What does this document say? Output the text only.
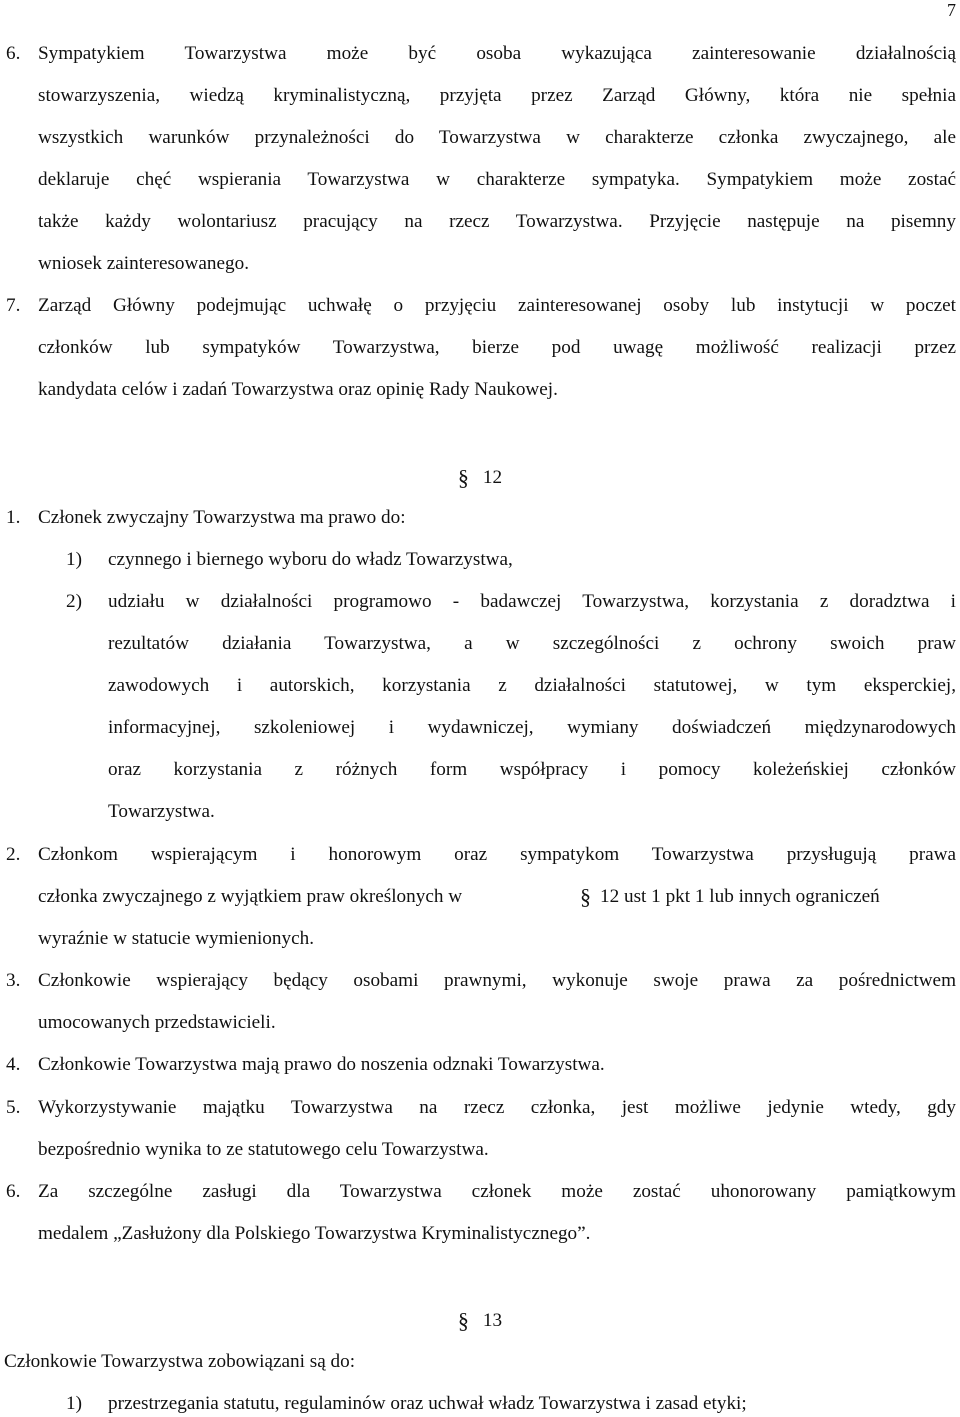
7
6. Sympatykiem Towarzystwa może być osoba wykazująca zainteresowanie działalnością
stowarzyszenia, wiedzą kryminalistyczną, przyjęta przez Zarząd Główny, która nie spełnia
wszystkich warunków przynależności do Towarzystwa w charakterze członka zwyczajnego, ale
deklaruje chęć wspierania Towarzystwa w charakterze sympatyka. Sympatykiem może zostać
także każdy wolontariusz pracujący na rzecz Towarzystwa. Przyjęcie następuje na pisemny
wniosek zainteresowanego.
7. Zarząd Główny podejmując uchwałę o przyjęciu zainteresowanej osoby lub instytucji w poczet
członków lub sympatyków Towarzystwa, bierze pod uwagę możliwość realizacji przez
kandydata celów i zadań Towarzystwa oraz opinię Rady Naukowej.
§ 12
1. Członek zwyczajny Towarzystwa ma prawo do:
1) czynnego i biernego wyboru do władz Towarzystwa,
2) udziału w działalności programowo - badawczej Towarzystwa, korzystania z doradztwa i
rezultatów działania Towarzystwa, a w szczególności z ochrony swoich praw
zawodowych i autorskich, korzystania z działalności statutowej, w tym eksperckiej,
informacyjnej, szkoleniowej i wydawniczej, wymiany doświadczeń międzynarodowych
oraz korzystania z różnych form współpracy i pomocy koleżeńskiej członków
Towarzystwa.
2. Członkom wspierającym i honorowym oraz sympatykom Towarzystwa przysługują prawa
członka zwyczajnego z wyjątkiem praw określonych w	§ 12 ust 1 pkt 1 lub innych ograniczeń
wyraźnie w statucie wymienionych.
3. Członkowie wspierający będący osobami prawnymi, wykonuje swoje prawa za pośrednictwem
umocowanych przedstawicieli.
4. Członkowie Towarzystwa mają prawo do noszenia odznaki Towarzystwa.
5. Wykorzystywanie majątku Towarzystwa na rzecz członka, jest możliwe jedynie wtedy, gdy
bezpośrednio wynika to ze statutowego celu Towarzystwa.
6. Za szczególne zasługi dla Towarzystwa członek może zostać uhonorowany pamiątkowym
medalem „Zasłużony dla Polskiego Towarzystwa Kryminalistycznego”.
§ 13
Członkowie Towarzystwa zobowiązani są do:
1) przestrzegania statutu, regulaminów oraz uchwał władz Towarzystwa i zasad etyki;
